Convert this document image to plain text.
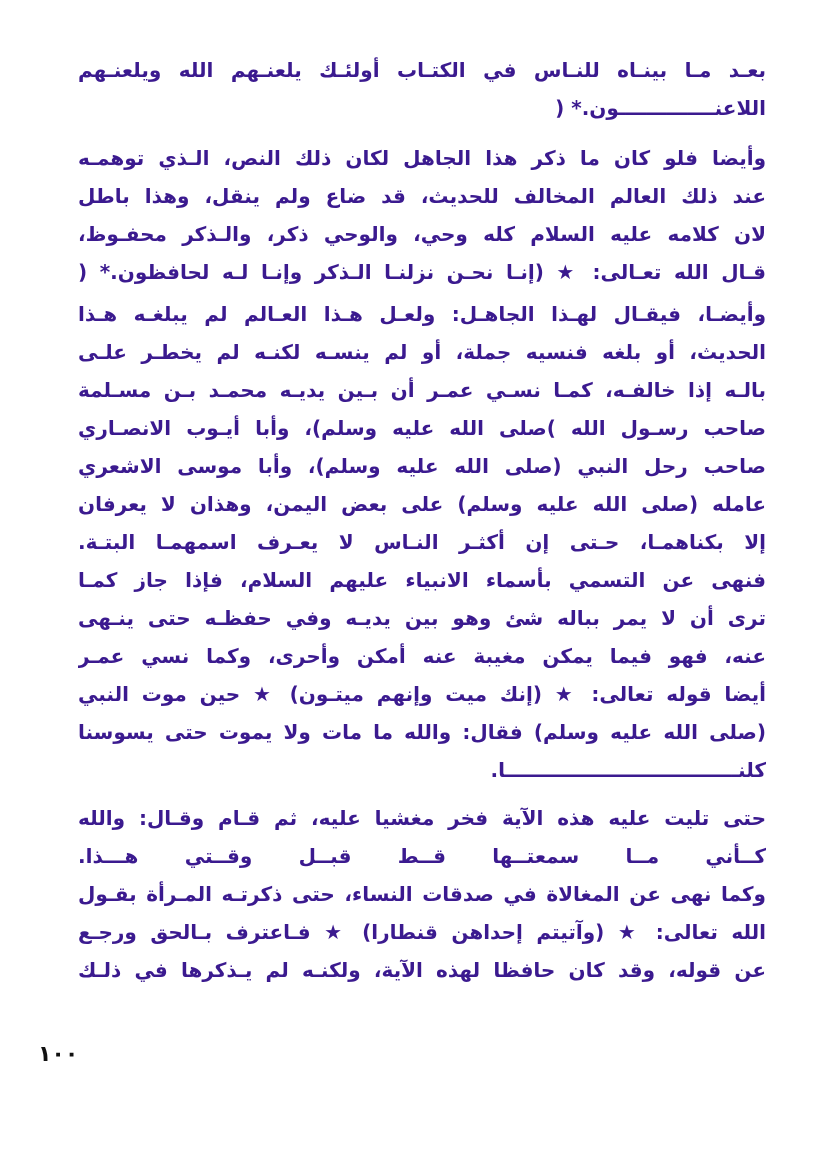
بعـد مـا بينـاه للنـاس في الكتـاب أولئـك يلعنـهم الله ويلعنـهم
اللاعنــــــــــــــون.* (
وأيضا فلو كان ما ذكر هذا الجاهل لكان ذلك النص، الـذي توهمـه
عند ذلك العالم المخالف للحديث، قد ضاع ولم ينقل، وهذا باطل
لان كلامه عليه السلام كله وحي، والوحي ذكر، والـذكر محفـوظ،
قـال الله تعـالى: ★ (إنـا نحـن نزلنـا الـذكر وإنـا لـه لحافظون.* (
وأيضـا، فيقـال لهـذا الجاهـل: ولعـل هـذا العـالم لم يبلغـه هـذا
الحديث، أو بلغه فنسيه جملة، أو لم ينسـه لكنـه لم يخطـر علـى
بالـه إذا خالفـه، كمـا نسـي عمـر أن بـين يديـه محمـد بـن مسـلمة
صاحب رسـول الله )صلى الله عليه وسلم)، وأبا أيـوب الانصـاري
صاحب رحل النبي (صلى الله عليه وسلم)، وأبا موسى الاشعري
عامله (صلى الله عليه وسلم) على بعض اليمن، وهذان لا يعرفان
إلا بكناهمـا، حـتى إن أكثـر النـاس لا يعـرف اسمهمـا البتـة.
فنهى عن التسمي بأسماء الانبياء عليهم السلام، فإذا جاز كمـا
ترى أن لا يمر بباله شئ وهو بين يديـه وفي حفظـه حتى ينـهى
عنه، فهو فيما يمكن مغيبة عنه أمكن وأحرى، وكما نسي عمـر
أيضا قوله تعالى: ★ (إنك ميت وإنهم ميتـون) ★ حين موت النبي
(صلى الله عليه وسلم) فقال: والله ما مات ولا يموت حتى يسوسنا
كلنــــــــــــــــــــــــــــــــــا.
حتى تليت عليه هذه الآية فخر مغشيا عليه، ثم قـام وقـال: والله
كــأني مــا سمعتــها قــط قبــل وقــتي هـــذا.
وكما نهى عن المغالاة في صدقات النساء، حتى ذكرتـه المـرأة بقـول
الله تعالى: ★ (وآتيتم إحداهن قنطارا) ★ فـاعترف بـالحق ورجـع
عن قوله، وقد كان حافظا لهذه الآية، ولكنـه لم يـذكرها في ذلـك
١٠٠
